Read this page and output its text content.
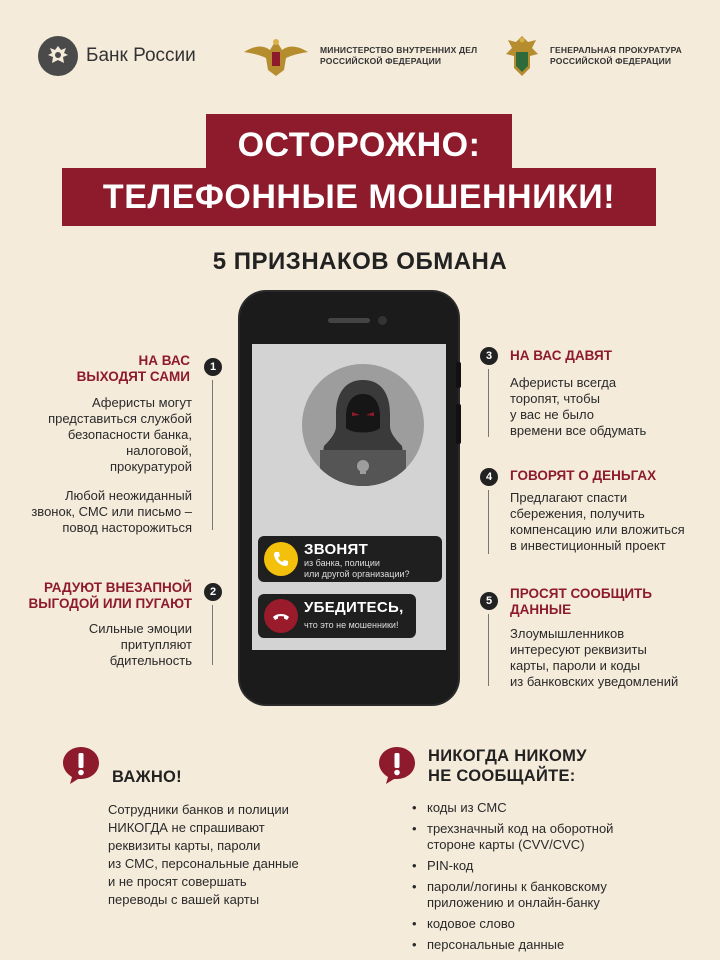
Банк России	МИНИСТЕРСТВО ВНУТРЕННИХ ДЕЛ
РОССИЙСКОЙ ФЕДЕРАЦИИ
ГЕНЕРАЛЬНАЯ ПРОКУРАТУРА
РОССИЙСКОЙ ФЕДЕРАЦИИ
ОСТОРОЖНО:
ТЕЛЕФОННЫЕ МОШЕННИКИ!
5 ПРИЗНАКОВ ОБМАНА
ЗВОНЯТ
из банка, полиции
или другой организации?
УБЕДИТЕСЬ,
что это не мошенники!
НА ВАС
ВЫХОДЯТ САМИ
1
Аферисты могут
представиться службой
безопасности банка,
налоговой,
прокуратурой
Любой неожиданный
звонок, СМС или письмо –
повод насторожиться
РАДУЮТ ВНЕЗАПНОЙ
ВЫГОДОЙ ИЛИ ПУГАЮТ
2
Сильные эмоции
притупляют
бдительность
3	НА ВАС ДАВЯТ
Аферисты всегда
торопят, чтобы
у вас не было
времени все обдумать
4	ГОВОРЯТ О ДЕНЬГАХ
Предлагают спасти
сбережения, получить
компенсацию или вложиться
в инвестиционный проект
5	ПРОСЯТ СООБЩИТЬ
ДАННЫЕ
Злоумышленников
интересуют реквизиты
карты, пароли и коды
из банковских уведомлений
ВАЖНО!
Сотрудники банков и полиции
НИКОГДА не спрашивают
реквизиты карты, пароли
из СМС, персональные данные
и не просят совершать
переводы с вашей карты
НИКОГДА НИКОМУ
НЕ СООБЩАЙТЕ:
• коды из СМС
• трехзначный код на оборотной стороне карты (CVV/CVC)
• PIN-код
• пароли/логины к банковскому приложению и онлайн-банку
• кодовое слово
• персональные данные
